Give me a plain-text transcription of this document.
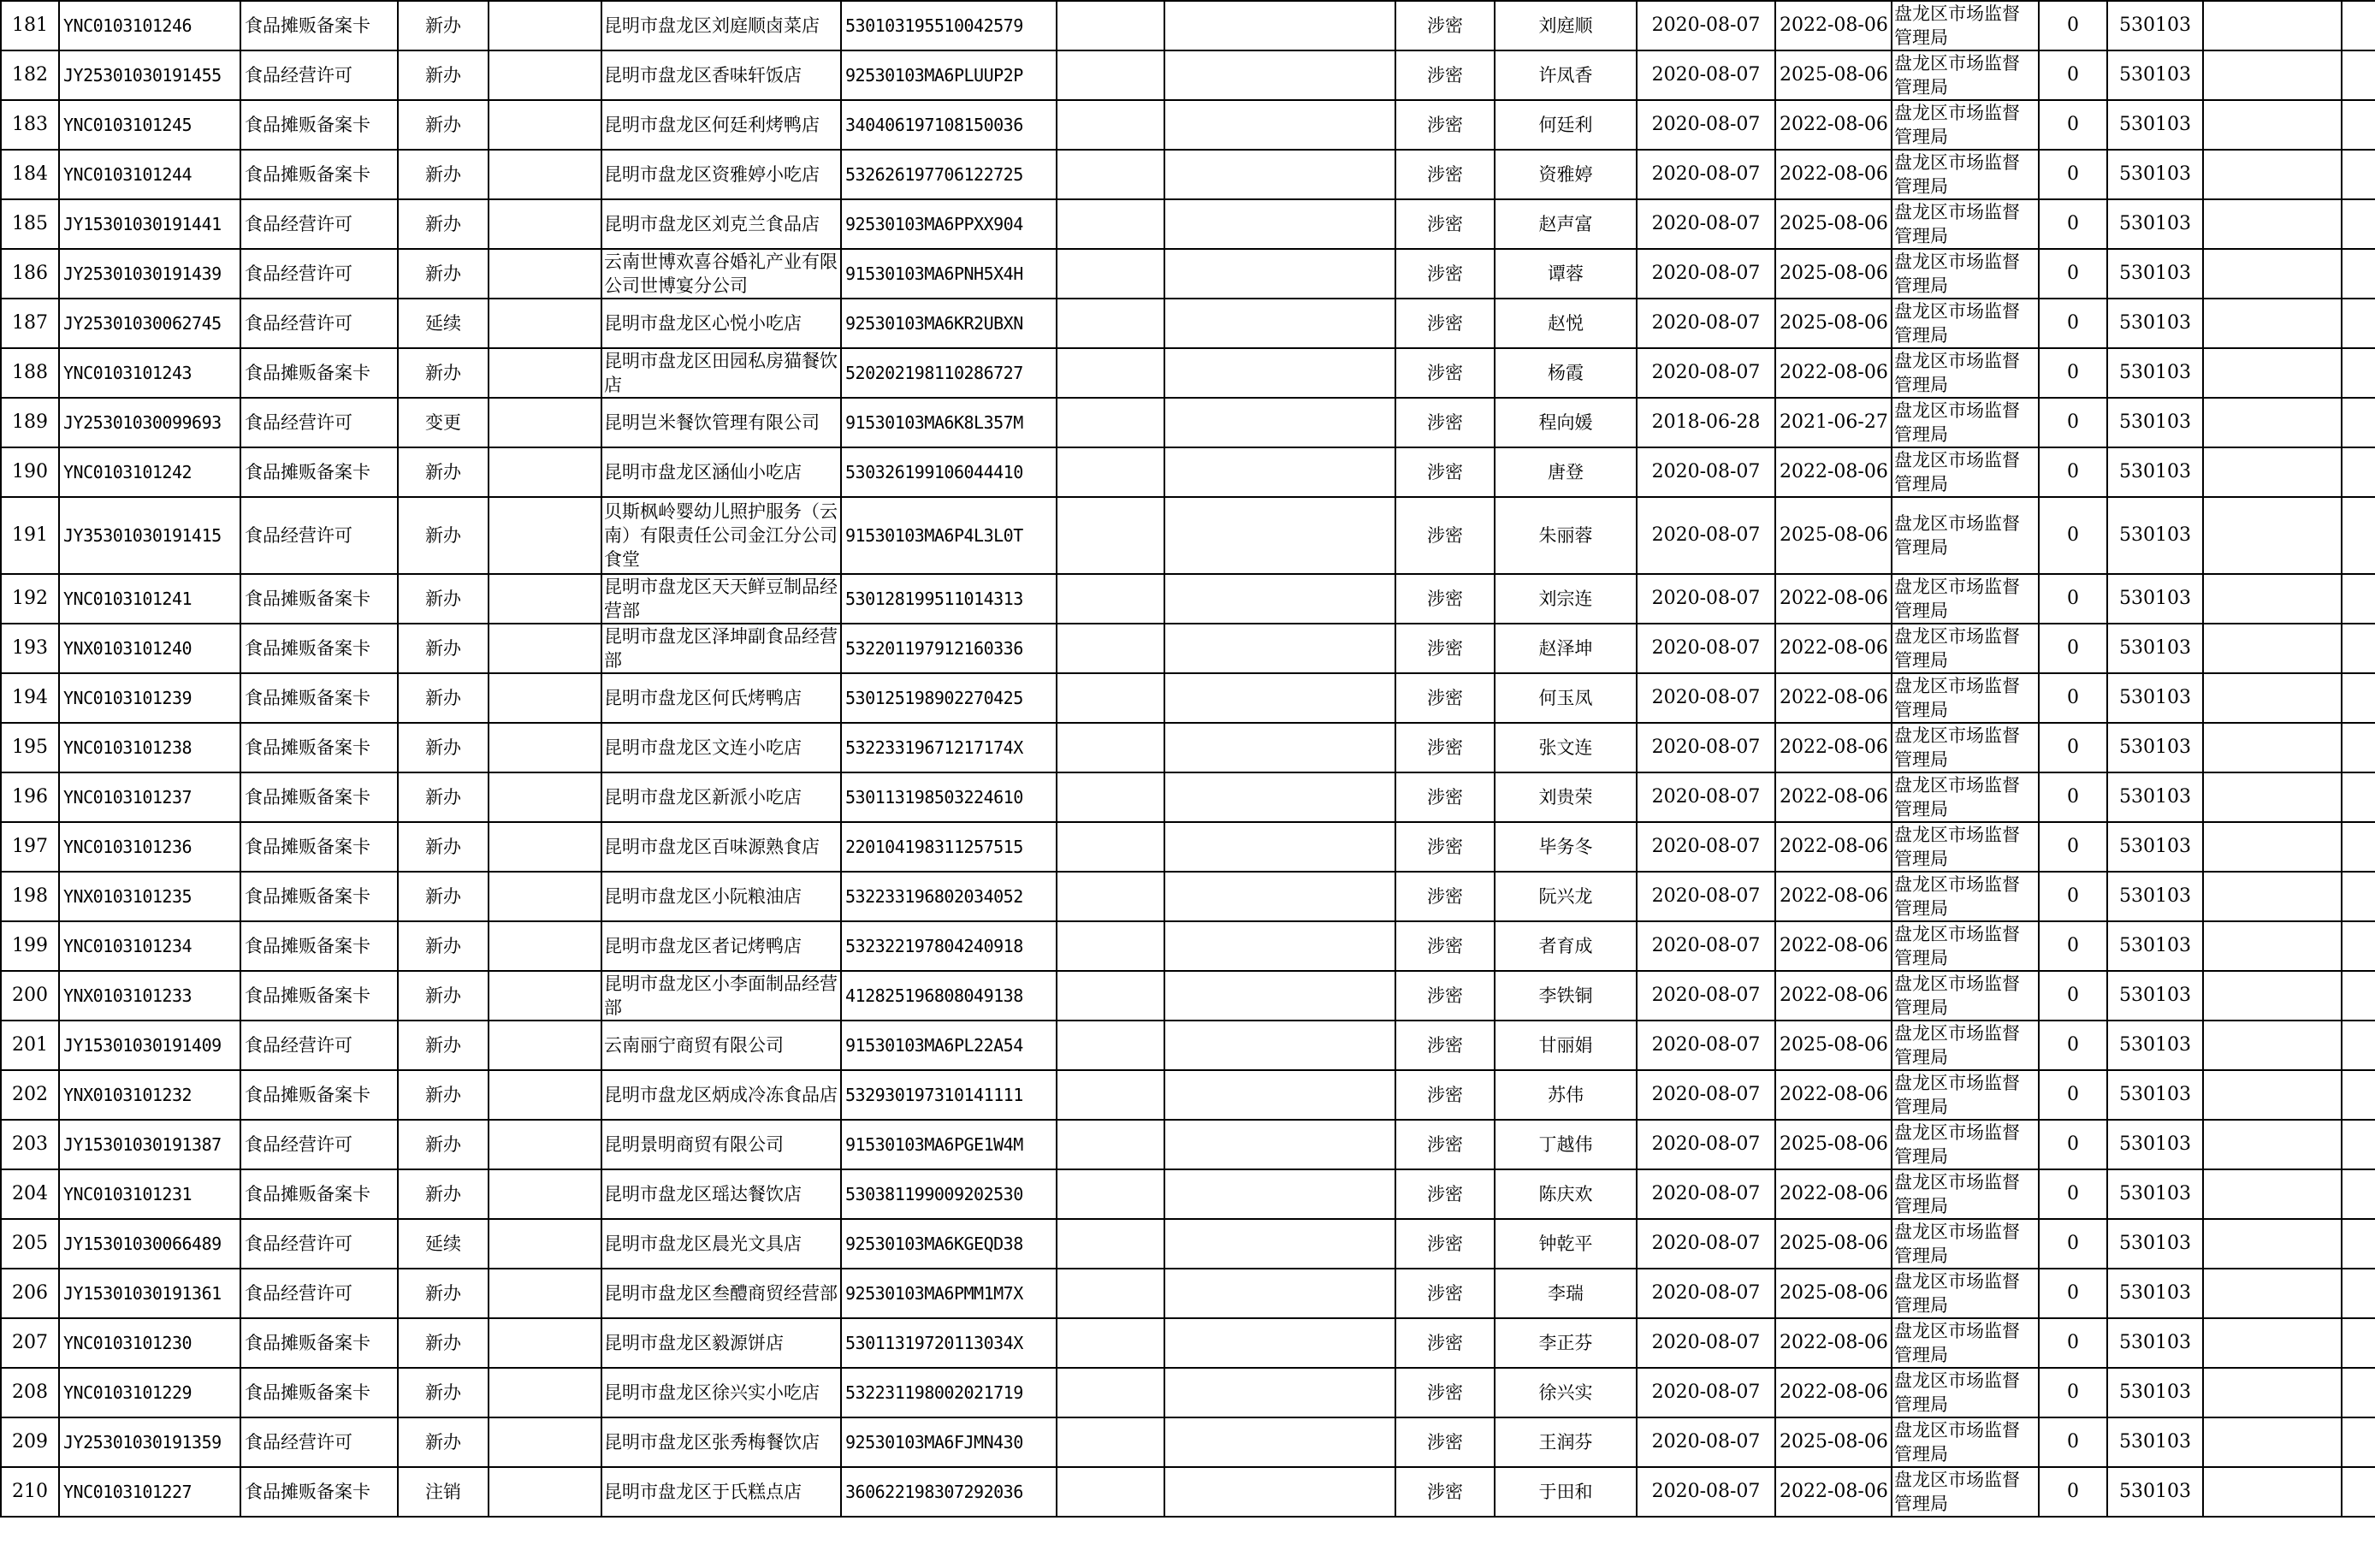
181	YNC0103101246	食品摊贩备案卡	新办		昆明市盘龙区刘庭顺卤菜店	530103195510042579			涉密	刘庭顺	2020-08-07	2022-08-06	盘龙区市场监督管理局	0	530103		
182	JY25301030191455	食品经营许可	新办		昆明市盘龙区香味轩饭店	92530103MA6PLUUP2P			涉密	许凤香	2020-08-07	2025-08-06	盘龙区市场监督管理局	0	530103		
183	YNC0103101245	食品摊贩备案卡	新办		昆明市盘龙区何廷利烤鸭店	340406197108150036			涉密	何廷利	2020-08-07	2022-08-06	盘龙区市场监督管理局	0	530103		
184	YNC0103101244	食品摊贩备案卡	新办		昆明市盘龙区资雅婷小吃店	532626197706122725			涉密	资雅婷	2020-08-07	2022-08-06	盘龙区市场监督管理局	0	530103		
185	JY15301030191441	食品经营许可	新办		昆明市盘龙区刘克兰食品店	92530103MA6PPXX904			涉密	赵声富	2020-08-07	2025-08-06	盘龙区市场监督管理局	0	530103		
186	JY25301030191439	食品经营许可	新办		云南世博欢喜谷婚礼产业有限公司世博宴分公司	91530103MA6PNH5X4H			涉密	谭蓉	2020-08-07	2025-08-06	盘龙区市场监督管理局	0	530103		
187	JY25301030062745	食品经营许可	延续		昆明市盘龙区心悦小吃店	92530103MA6KR2UBXN			涉密	赵悦	2020-08-07	2025-08-06	盘龙区市场监督管理局	0	530103		
188	YNC0103101243	食品摊贩备案卡	新办		昆明市盘龙区田园私房猫餐饮店	520202198110286727			涉密	杨霞	2020-08-07	2022-08-06	盘龙区市场监督管理局	0	530103		
189	JY25301030099693	食品经营许可	变更		昆明岂米餐饮管理有限公司	91530103MA6K8L357M			涉密	程向媛	2018-06-28	2021-06-27	盘龙区市场监督管理局	0	530103		
190	YNC0103101242	食品摊贩备案卡	新办		昆明市盘龙区涵仙小吃店	530326199106044410			涉密	唐登	2020-08-07	2022-08-06	盘龙区市场监督管理局	0	530103		
191	JY35301030191415	食品经营许可	新办		贝斯枫岭婴幼儿照护服务（云南）有限责任公司金江分公司食堂	91530103MA6P4L3L0T			涉密	朱丽蓉	2020-08-07	2025-08-06	盘龙区市场监督管理局	0	530103		
192	YNC0103101241	食品摊贩备案卡	新办		昆明市盘龙区天天鲜豆制品经营部	530128199511014313			涉密	刘宗连	2020-08-07	2022-08-06	盘龙区市场监督管理局	0	530103		
193	YNX0103101240	食品摊贩备案卡	新办		昆明市盘龙区泽坤副食品经营部	532201197912160336			涉密	赵泽坤	2020-08-07	2022-08-06	盘龙区市场监督管理局	0	530103		
194	YNC0103101239	食品摊贩备案卡	新办		昆明市盘龙区何氏烤鸭店	530125198902270425			涉密	何玉凤	2020-08-07	2022-08-06	盘龙区市场监督管理局	0	530103		
195	YNC0103101238	食品摊贩备案卡	新办		昆明市盘龙区文连小吃店	53223319671217174X			涉密	张文连	2020-08-07	2022-08-06	盘龙区市场监督管理局	0	530103		
196	YNC0103101237	食品摊贩备案卡	新办		昆明市盘龙区新派小吃店	530113198503224610			涉密	刘贵荣	2020-08-07	2022-08-06	盘龙区市场监督管理局	0	530103		
197	YNC0103101236	食品摊贩备案卡	新办		昆明市盘龙区百味源熟食店	220104198311257515			涉密	毕务冬	2020-08-07	2022-08-06	盘龙区市场监督管理局	0	530103		
198	YNX0103101235	食品摊贩备案卡	新办		昆明市盘龙区小阮粮油店	532233196802034052			涉密	阮兴龙	2020-08-07	2022-08-06	盘龙区市场监督管理局	0	530103		
199	YNC0103101234	食品摊贩备案卡	新办		昆明市盘龙区者记烤鸭店	532322197804240918			涉密	者育成	2020-08-07	2022-08-06	盘龙区市场监督管理局	0	530103		
200	YNX0103101233	食品摊贩备案卡	新办		昆明市盘龙区小李面制品经营部	412825196808049138			涉密	李铁铜	2020-08-07	2022-08-06	盘龙区市场监督管理局	0	530103		
201	JY15301030191409	食品经营许可	新办		云南丽宁商贸有限公司	91530103MA6PL22A54			涉密	甘丽娟	2020-08-07	2025-08-06	盘龙区市场监督管理局	0	530103		
202	YNX0103101232	食品摊贩备案卡	新办		昆明市盘龙区炳成冷冻食品店	532930197310141111			涉密	苏伟	2020-08-07	2022-08-06	盘龙区市场监督管理局	0	530103		
203	JY15301030191387	食品经营许可	新办		昆明景明商贸有限公司	91530103MA6PGE1W4M			涉密	丁越伟	2020-08-07	2025-08-06	盘龙区市场监督管理局	0	530103		
204	YNC0103101231	食品摊贩备案卡	新办		昆明市盘龙区瑶达餐饮店	530381199009202530			涉密	陈庆欢	2020-08-07	2022-08-06	盘龙区市场监督管理局	0	530103		
205	JY15301030066489	食品经营许可	延续		昆明市盘龙区晨光文具店	92530103MA6KGEQD38			涉密	钟乾平	2020-08-07	2025-08-06	盘龙区市场监督管理局	0	530103		
206	JY15301030191361	食品经营许可	新办		昆明市盘龙区叁醴商贸经营部	92530103MA6PMM1M7X			涉密	李瑞	2020-08-07	2025-08-06	盘龙区市场监督管理局	0	530103		
207	YNC0103101230	食品摊贩备案卡	新办		昆明市盘龙区毅源饼店	53011319720113034X			涉密	李正芬	2020-08-07	2022-08-06	盘龙区市场监督管理局	0	530103		
208	YNC0103101229	食品摊贩备案卡	新办		昆明市盘龙区徐兴实小吃店	532231198002021719			涉密	徐兴实	2020-08-07	2022-08-06	盘龙区市场监督管理局	0	530103		
209	JY25301030191359	食品经营许可	新办		昆明市盘龙区张秀梅餐饮店	92530103MA6FJMN430			涉密	王润芬	2020-08-07	2025-08-06	盘龙区市场监督管理局	0	530103		
210	YNC0103101227	食品摊贩备案卡	注销		昆明市盘龙区于氏糕点店	360622198307292036			涉密	于田和	2020-08-07	2022-08-06	盘龙区市场监督管理局	0	530103		
